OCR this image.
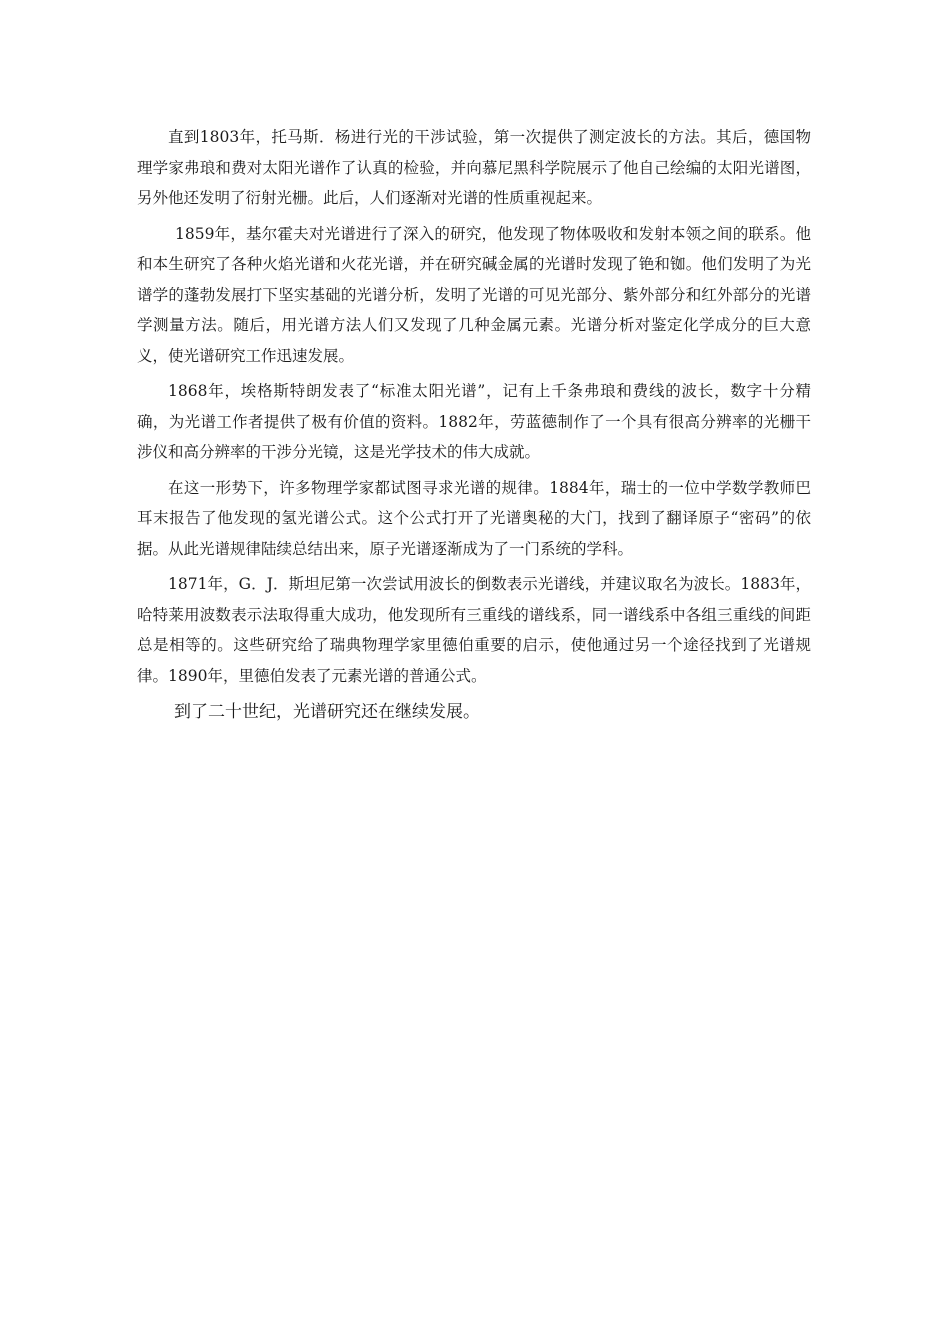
直到1803年，托马斯．杨进行光的干涉试验，第一次提供了测定波长的方法。其后，德国物理学家弗琅和费对太阳光谱作了认真的检验，并向慕尼黑科学院展示了他自己绘编的太阳光谱图，另外他还发明了衍射光栅。此后，人们逐渐对光谱的性质重视起来。

1859年，基尔霍夫对光谱进行了深入的研究，他发现了物体吸收和发射本领之间的联系。他和本生研究了各种火焰光谱和火花光谱，并在研究碱金属的光谱时发现了铯和铷。他们发明了为光谱学的蓬勃发展打下坚实基础的光谱分析，发明了光谱的可见光部分、紫外部分和红外部分的光谱学测量方法。随后，用光谱方法人们又发现了几种金属元素。光谱分析对鉴定化学成分的巨大意义，使光谱研究工作迅速发展。

1868年，埃格斯特朗发表了“标准太阳光谱”，记有上千条弗琅和费线的波长，数字十分精确，为光谱工作者提供了极有价值的资料。1882年，劳蓝德制作了一个具有很高分辨率的光栅干涉仪和高分辨率的干涉分光镜，这是光学技术的伟大成就。

在这一形势下，许多物理学家都试图寻求光谱的规律。1884年，瑞士的一位中学数学教师巴耳末报告了他发现的氢光谱公式。这个公式打开了光谱奥秘的大门，找到了翻译原子“密码”的依据。从此光谱规律陆续总结出来，原子光谱逐渐成为了一门系统的学科。

1871年，G．J．斯坦尼第一次尝试用波长的倒数表示光谱线，并建议取名为波长。1883年，哈特莱用波数表示法取得重大成功，他发现所有三重线的谱线系，同一谱线系中各组三重线的间距总是相等的。这些研究给了瑞典物理学家里德伯重要的启示，使他通过另一个途径找到了光谱规律。1890年，里德伯发表了元素光谱的普通公式。

到了二十世纪，光谱研究还在继续发展。
